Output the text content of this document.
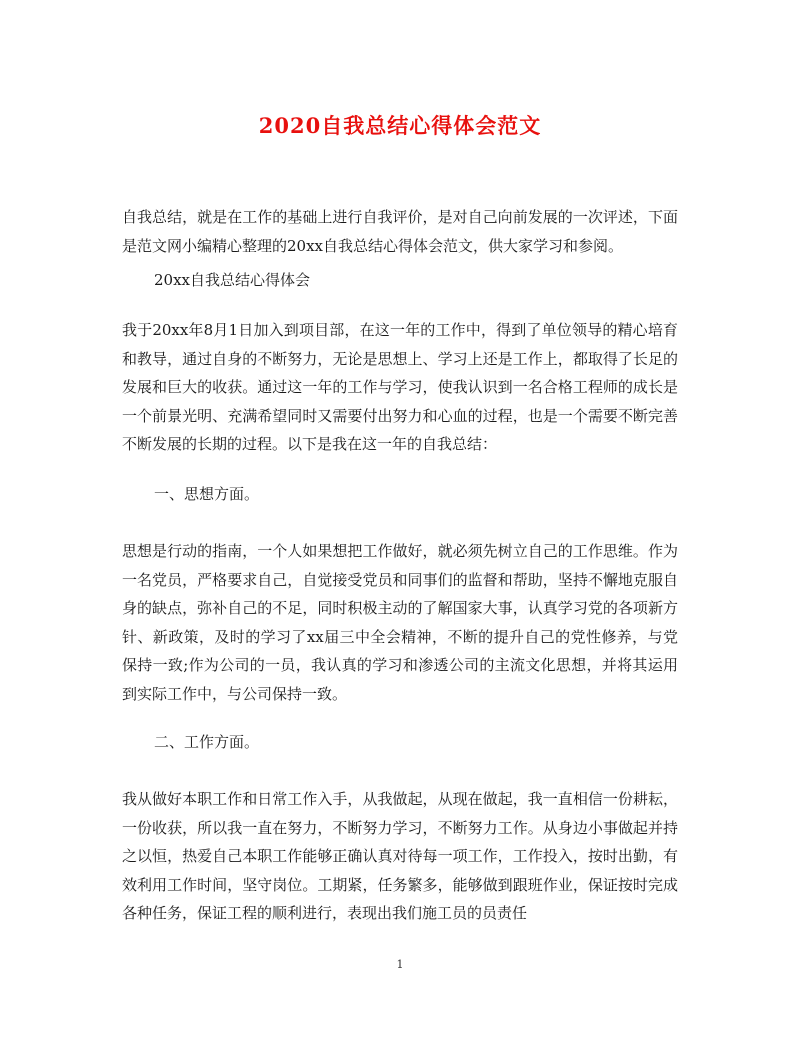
2020自我总结心得体会范文
自我总结，就是在工作的基础上进行自我评价，是对自己向前发展的一次评述，下面是范文网小编精心整理的20xx自我总结心得体会范文，供大家学习和参阅。
20xx自我总结心得体会
我于20xx年8月1日加入到项目部，在这一年的工作中，得到了单位领导的精心培育和教导，通过自身的不断努力，无论是思想上、学习上还是工作上，都取得了长足的发展和巨大的收获。通过这一年的工作与学习，使我认识到一名合格工程师的成长是一个前景光明、充满希望同时又需要付出努力和心血的过程，也是一个需要不断完善不断发展的长期的过程。以下是我在这一年的自我总结：
一、思想方面。
思想是行动的指南，一个人如果想把工作做好，就必须先树立自己的工作思维。作为一名党员，严格要求自己，自觉接受党员和同事们的监督和帮助，坚持不懈地克服自身的缺点，弥补自己的不足，同时积极主动的了解国家大事，认真学习党的各项新方针、新政策，及时的学习了xx届三中全会精神，不断的提升自己的党性修养，与党保持一致;作为公司的一员，我认真的学习和渗透公司的主流文化思想，并将其运用到实际工作中，与公司保持一致。
二、工作方面。
我从做好本职工作和日常工作入手，从我做起，从现在做起，我一直相信一份耕耘，一份收获，所以我一直在努力，不断努力学习，不断努力工作。从身边小事做起并持之以恒，热爱自己本职工作能够正确认真对待每一项工作，工作投入，按时出勤，有效利用工作时间，坚守岗位。工期紧，任务繁多，能够做到跟班作业，保证按时完成各种任务，保证工程的顺利进行，表现出我们施工员的员责任
1
